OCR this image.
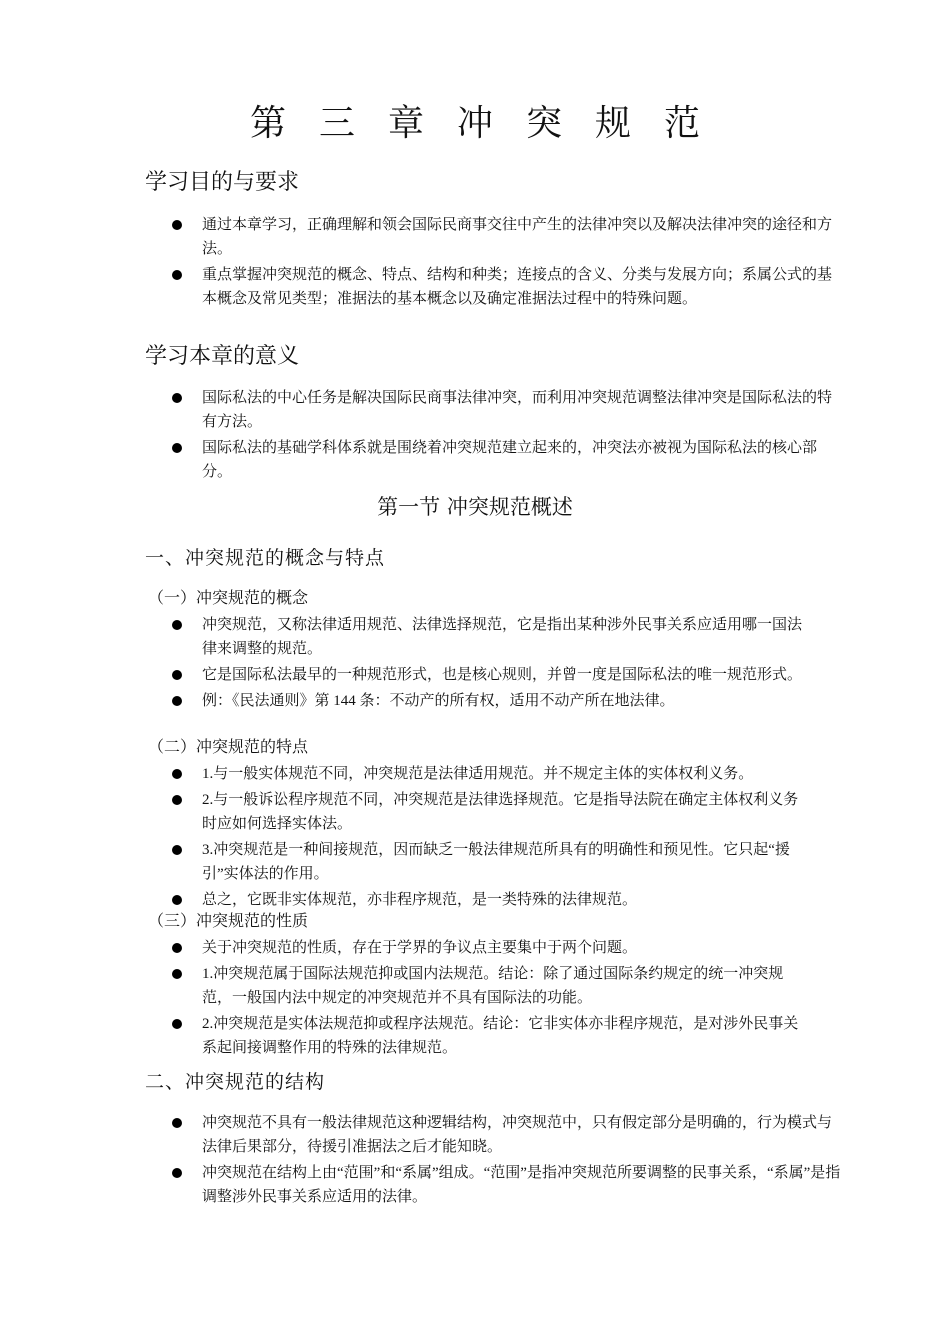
第三章冲突规范
学习目的与要求
通过本章学习，正确理解和领会国际民商事交往中产生的法律冲突以及解决法律冲突的途径和方法。
重点掌握冲突规范的概念、特点、结构和种类；连接点的含义、分类与发展方向；系属公式的基本概念及常见类型；准据法的基本概念以及确定准据法过程中的特殊问题。
学习本章的意义
国际私法的中心任务是解决国际民商事法律冲突，而利用冲突规范调整法律冲突是国际私法的特有方法。
国际私法的基础学科体系就是围绕着冲突规范建立起来的，冲突法亦被视为国际私法的核心部分。
第一节 冲突规范概述
一、冲突规范的概念与特点
（一）冲突规范的概念
冲突规范，又称法律适用规范、法律选择规范，它是指出某种涉外民事关系应适用哪一国法律来调整的规范。
它是国际私法最早的一种规范形式，也是核心规则，并曾一度是国际私法的唯一规范形式。
例：《民法通则》第 144 条：不动产的所有权，适用不动产所在地法律。
（二）冲突规范的特点
1.与一般实体规范不同，冲突规范是法律适用规范。并不规定主体的实体权利义务。
2.与一般诉讼程序规范不同，冲突规范是法律选择规范。它是指导法院在确定主体权利义务时应如何选择实体法。
3.冲突规范是一种间接规范，因而缺乏一般法律规范所具有的明确性和预见性。它只起“援引”实体法的作用。
总之，它既非实体规范，亦非程序规范，是一类特殊的法律规范。
（三）冲突规范的性质
关于冲突规范的性质，存在于学界的争议点主要集中于两个问题。
1.冲突规范属于国际法规范抑或国内法规范。结论：除了通过国际条约规定的统一冲突规范，一般国内法中规定的冲突规范并不具有国际法的功能。
2.冲突规范是实体法规范抑或程序法规范。结论：它非实体亦非程序规范，是对涉外民事关系起间接调整作用的特殊的法律规范。
二、冲突规范的结构
冲突规范不具有一般法律规范这种逻辑结构，冲突规范中，只有假定部分是明确的，行为模式与法律后果部分，待援引准据法之后才能知晓。
冲突规范在结构上由“范围”和“系属”组成。“范围”是指冲突规范所要调整的民事关系，“系属”是指调整涉外民事关系应适用的法律。
